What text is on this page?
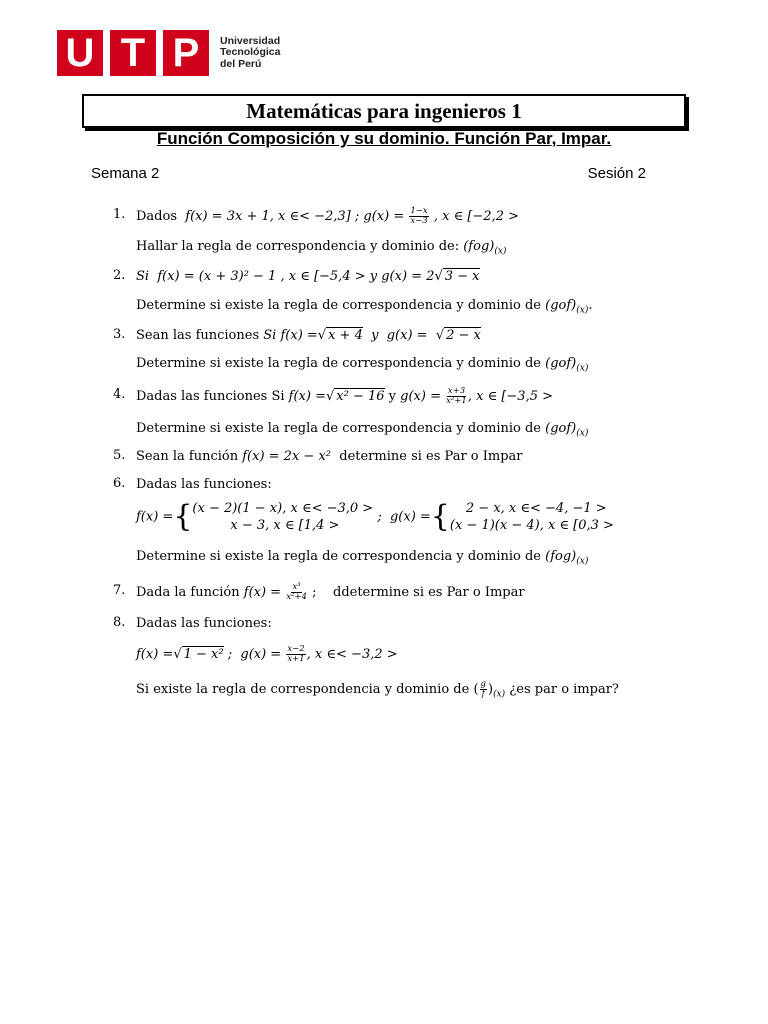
U T P	Universidad
Tecnológica
del Perú
Matemáticas para ingenieros 1
Función Composición y su dominio. Función Par, Impar.
Semana 2	Sesión 2
1. Dados f(x) = 3x + 1, x ∈< −2,3] ; $g(x) = \frac{1-x}{x-3}$ , x ∈ [−2,2 >
Hallar la regla de correspondencia y dominio de: $(fog)_{(x)}$
2. Si f(x) = (x + 3)² − 1 , x ∈ [−5,4 > y g(x) = 2√ 3 − x
Determine si existe la regla de correspondencia y dominio de $(gof)_{(x)}$.
3. Sean las funciones Si f(x) =√ x + 4  y  g(x) =  √ 2 − x
Determine si existe la regla de correspondencia y dominio de $(gof)_{(x)}$
4. Dadas las funciones Si f(x) =√ x² − 16 y $g(x) = \frac{x+3}{\text{x²+1}}$ , x ∈ [−3,5 >
Determine si existe la regla de correspondencia y dominio de $(gof)_{(x)}$
5. Sean la función f(x) = 2x − x²  determine si es Par o Impar
6. Dadas las funciones:
f(x) ={ (x − 2)(1 − x), x ∈< −3,0 >
x − 3, x ∈ [1,4 >
;  g(x) ={	2 − x, x ∈< −4, −1 >
(x − 1)(x − 4), x ∈ [0,3 >
Determine si existe la regla de correspondencia y dominio de $(fog)_{(x)}$
7. Dada la función $f(x) = \frac{\text{x³}}{\text{x²+4}}$ ;    ddetermine si es Par o Impar
8. Dadas las funciones:
f(x) =√ 1 − x² ;  $g(x) = \frac{x-2}{x+1}$ , x ∈< −3,2 >
Si existe la regla de correspondencia y dominio de ( $\frac{g}{f} )_{(x)}$ ¿es par o impar?
